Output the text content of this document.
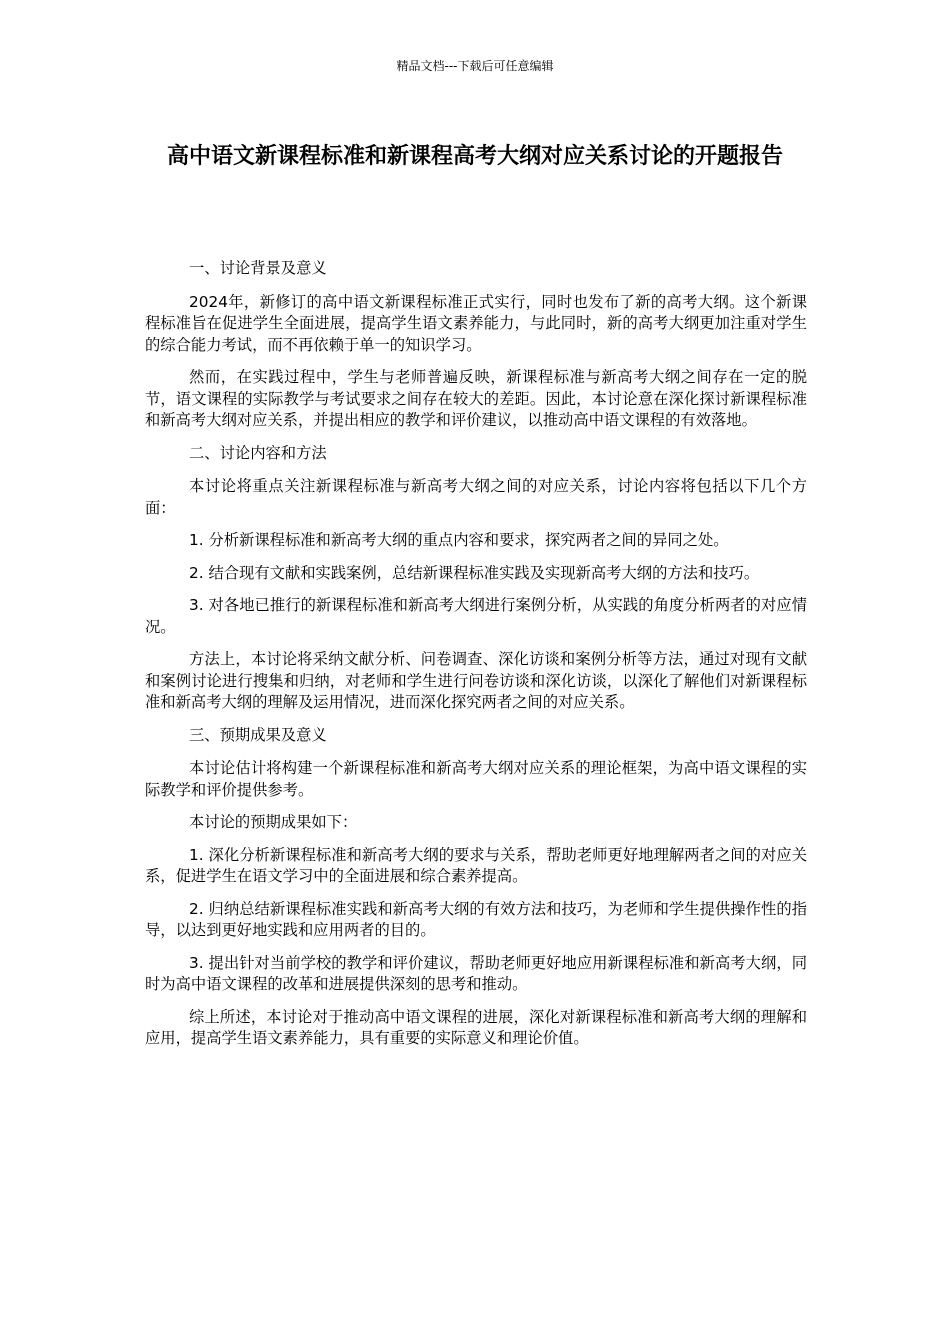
精品文档---下载后可任意编辑
高中语文新课程标准和新课程高考大纲对应关系讨论的开题报告

一、讨论背景及意义

2024年，新修订的高中语文新课程标准正式实行，同时也发布了新的高考大纲。这个新课程标准旨在促进学生全面进展，提高学生语文素养能力，与此同时，新的高考大纲更加注重对学生的综合能力考试，而不再依赖于单一的知识学习。

然而，在实践过程中，学生与老师普遍反映，新课程标准与新高考大纲之间存在一定的脱节，语文课程的实际教学与考试要求之间存在较大的差距。因此，本讨论意在深化探讨新课程标准和新高考大纲对应关系，并提出相应的教学和评价建议，以推动高中语文课程的有效落地。

二、讨论内容和方法

本讨论将重点关注新课程标准与新高考大纲之间的对应关系，讨论内容将包括以下几个方面：

1. 分析新课程标准和新高考大纲的重点内容和要求，探究两者之间的异同之处。

2. 结合现有文献和实践案例，总结新课程标准实践及实现新高考大纲的方法和技巧。

3. 对各地已推行的新课程标准和新高考大纲进行案例分析，从实践的角度分析两者的对应情况。

方法上，本讨论将采纳文献分析、问卷调查、深化访谈和案例分析等方法，通过对现有文献和案例讨论进行搜集和归纳，对老师和学生进行问卷访谈和深化访谈，以深化了解他们对新课程标准和新高考大纲的理解及运用情况，进而深化探究两者之间的对应关系。

三、预期成果及意义

本讨论估计将构建一个新课程标准和新高考大纲对应关系的理论框架，为高中语文课程的实际教学和评价提供参考。

本讨论的预期成果如下：

1. 深化分析新课程标准和新高考大纲的要求与关系，帮助老师更好地理解两者之间的对应关系，促进学生在语文学习中的全面进展和综合素养提高。

2. 归纳总结新课程标准实践和新高考大纲的有效方法和技巧，为老师和学生提供操作性的指导，以达到更好地实践和应用两者的目的。

3. 提出针对当前学校的教学和评价建议，帮助老师更好地应用新课程标准和新高考大纲，同时为高中语文课程的改革和进展提供深刻的思考和推动。

综上所述，本讨论对于推动高中语文课程的进展，深化对新课程标准和新高考大纲的理解和应用，提高学生语文素养能力，具有重要的实际意义和理论价值。
